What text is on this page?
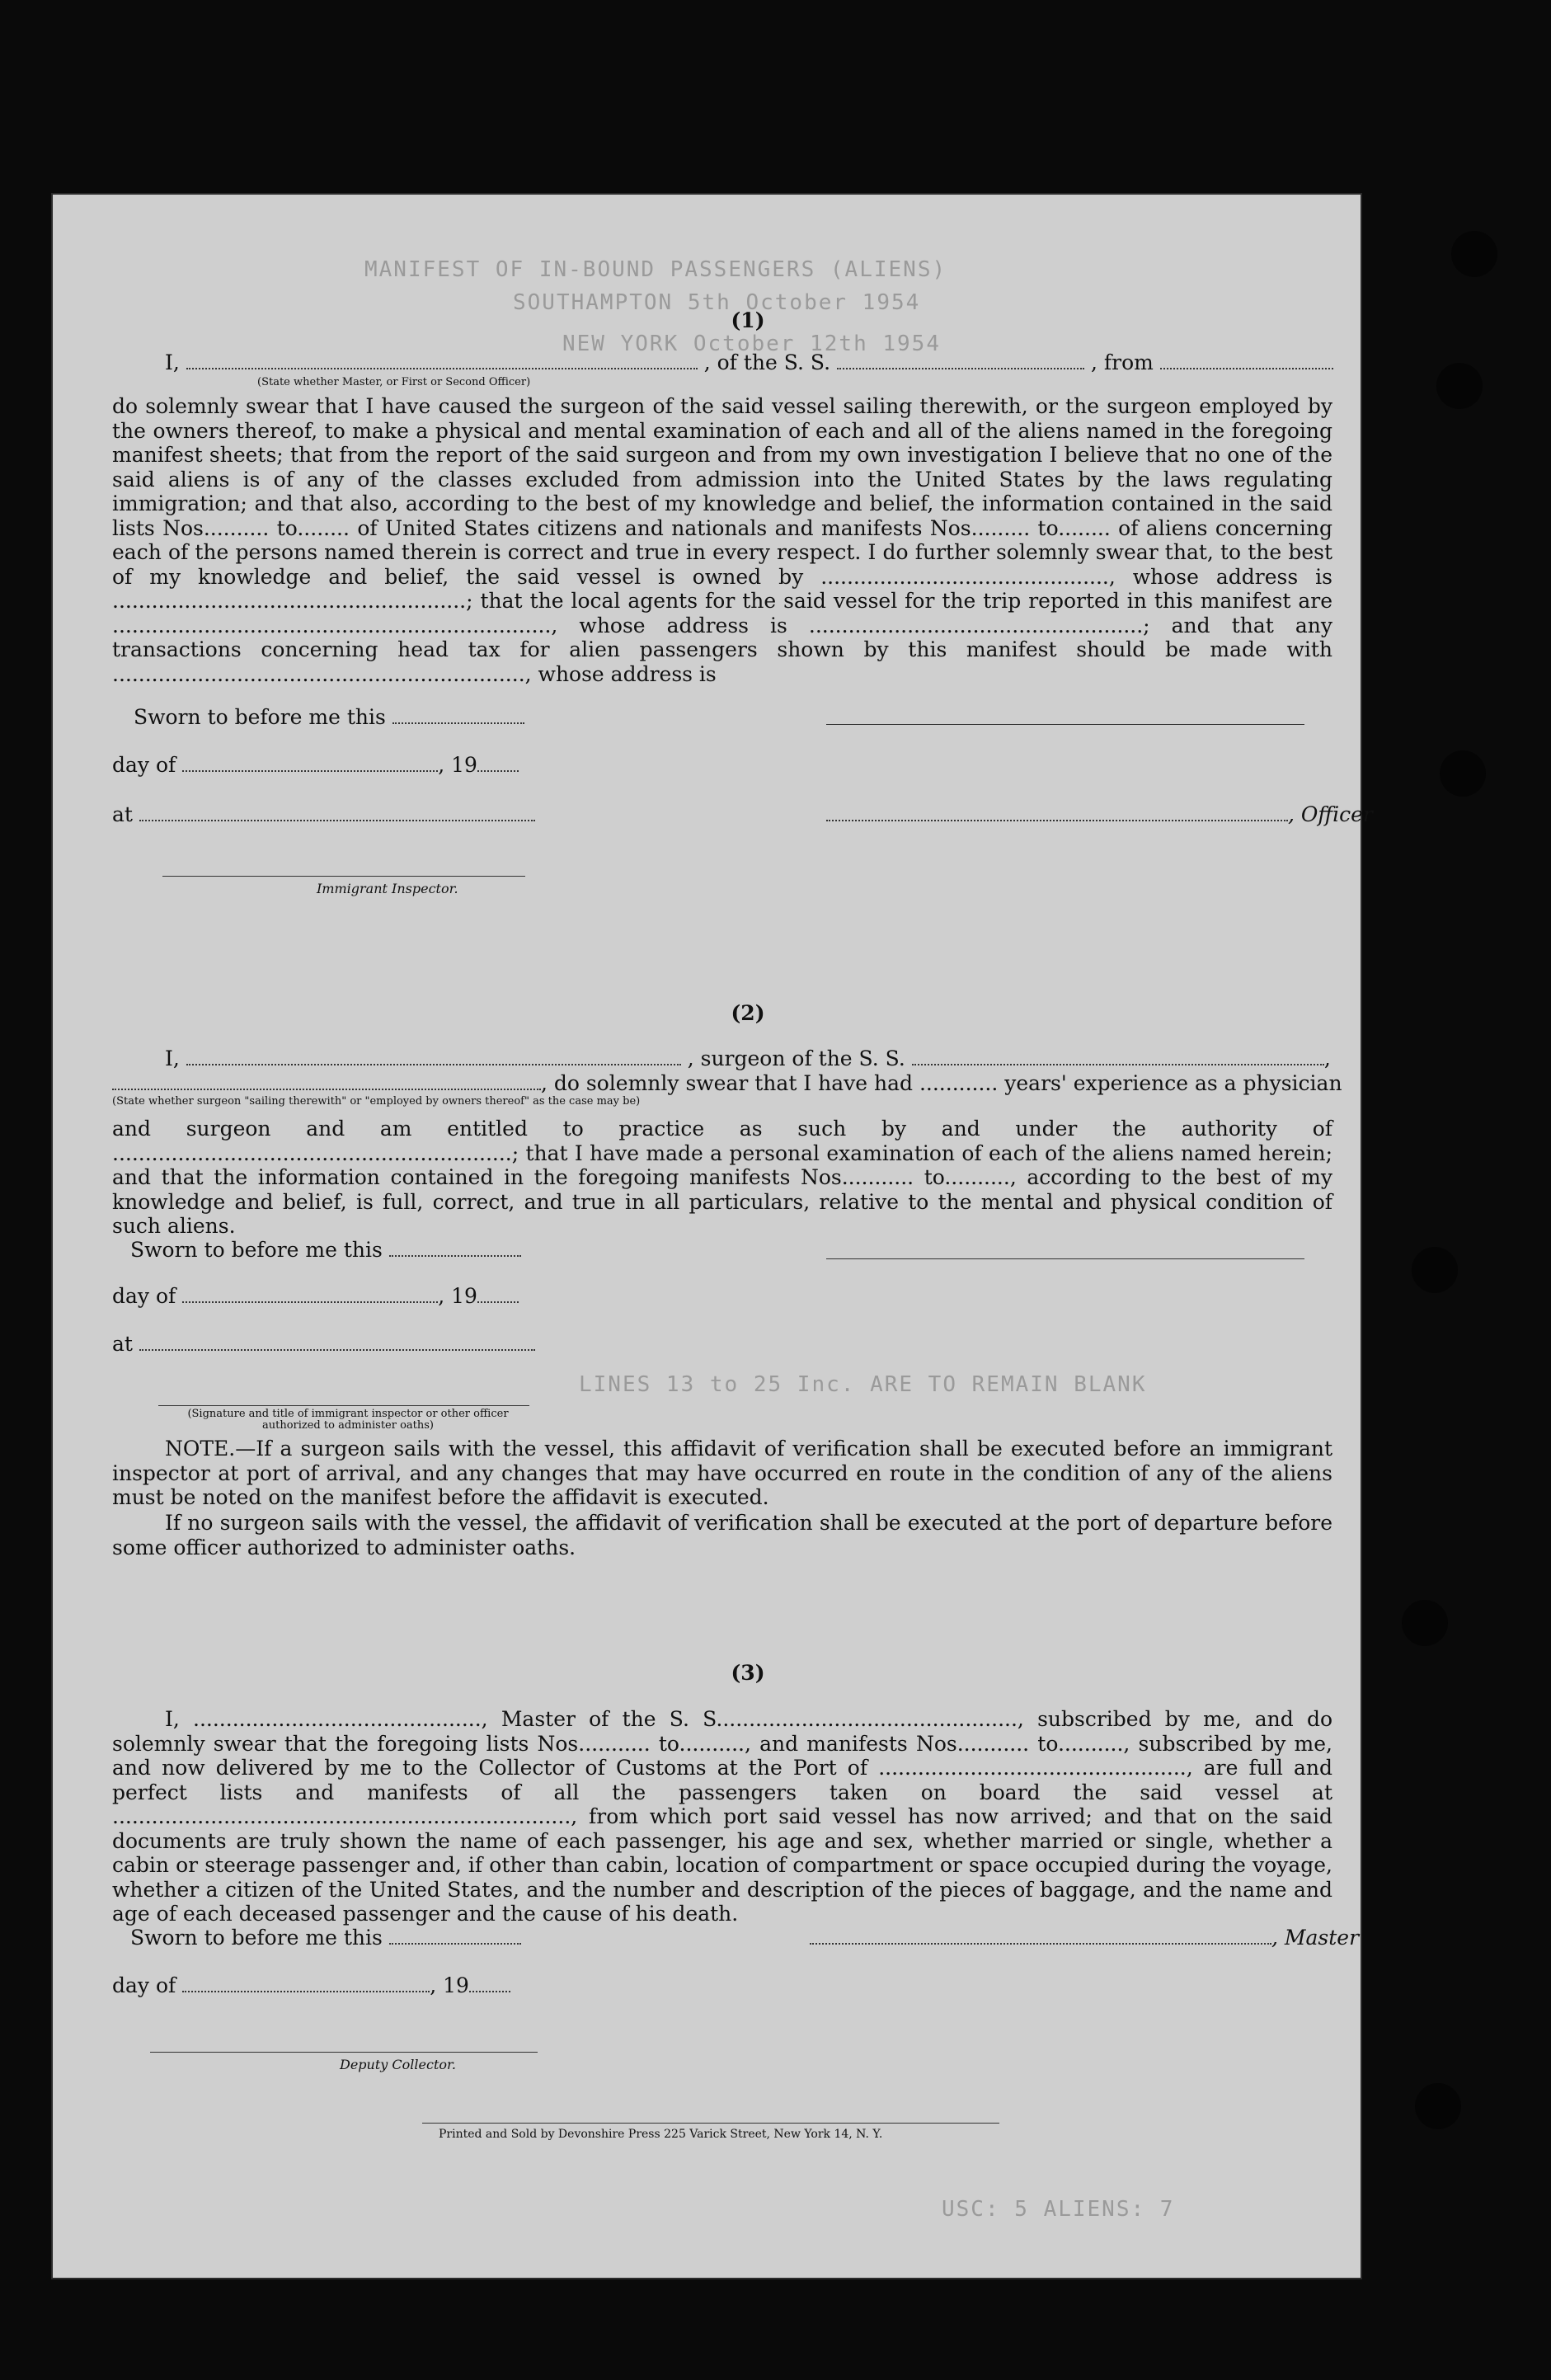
MANIFEST OF IN-BOUND PASSENGERS (ALIENS)
SOUTHAMPTON 5th October 1954
NEW YORK October 12th 1954
LINES 13 to 25 Inc. ARE TO REMAIN BLANK
USC: 5 ALIENS: 7
(1)
I,	, of the S. S.	, from
(State whether Master, or First or Second Officer)
do solemnly swear that I have caused the surgeon of the said vessel sailing therewith, or the surgeon employed by the owners thereof, to make a physical and mental examination of each and all of the aliens named in the foregoing manifest sheets; that from the report of the said surgeon and from my own investigation I believe that no one of the said aliens is of any of the classes excluded from admission into the United States by the laws regulating immigration; and that also, according to the best of my knowledge and belief, the information contained in the said lists Nos.......... to........ of United States citizens and nationals and manifests Nos......... to........ of aliens concerning each of the persons named therein is correct and true in every respect. I do further solemnly swear that, to the best of my knowledge and belief, the said vessel is owned by ............................................, whose address is ......................................................; that the local agents for the said vessel for the trip reported in this manifest are ..................................................................., whose address is ...................................................; and that any transactions concerning head tax for alien passengers shown by this manifest should be made with ..............................................................., whose address is
Sworn to before me this
day of	, 19
at	, Officer
Immigrant Inspector.
(2)
I,	, surgeon of the S. S.	,
, do solemnly swear that I have had ............ years' experience as a physician
(State whether surgeon "sailing therewith" or "employed by owners thereof" as the case may be)
and surgeon and am entitled to practice as such by and under the authority of .............................................................; that I have made a personal examination of each of the aliens named herein; and that the information contained in the foregoing manifests Nos........... to.........., according to the best of my knowledge and belief, is full, correct, and true in all particulars, relative to the mental and physical condition of such aliens.
Sworn to before me this
day of	, 19
at
(Signature and title of immigrant inspector or other officer authorized to administer oaths)
NOTE.—If a surgeon sails with the vessel, this affidavit of verification shall be executed before an immigrant inspector at port of arrival, and any changes that may have occurred en route in the condition of any of the aliens must be noted on the manifest before the affidavit is executed.
If no surgeon sails with the vessel, the affidavit of verification shall be executed at the port of departure before some officer authorized to administer oaths.
(3)
I, ............................................, Master of the S. S.............................................., subscribed by me, and do solemnly swear that the foregoing lists Nos........... to.........., and manifests Nos........... to.........., subscribed by me, and now delivered by me to the Collector of Customs at the Port of ..............................................., are full and perfect lists and manifests of all the passengers taken on board the said vessel at ......................................................................, from which port said vessel has now arrived; and that on the said documents are truly shown the name of each passenger, his age and sex, whether married or single, whether a cabin or steerage passenger and, if other than cabin, location of compartment or space occupied during the voyage, whether a citizen of the United States, and the number and description of the pieces of baggage, and the name and age of each deceased passenger and the cause of his death.
Sworn to before me this	, Master
day of	, 19
Deputy Collector.
Printed and Sold by Devonshire Press 225 Varick Street, New York 14, N. Y.
